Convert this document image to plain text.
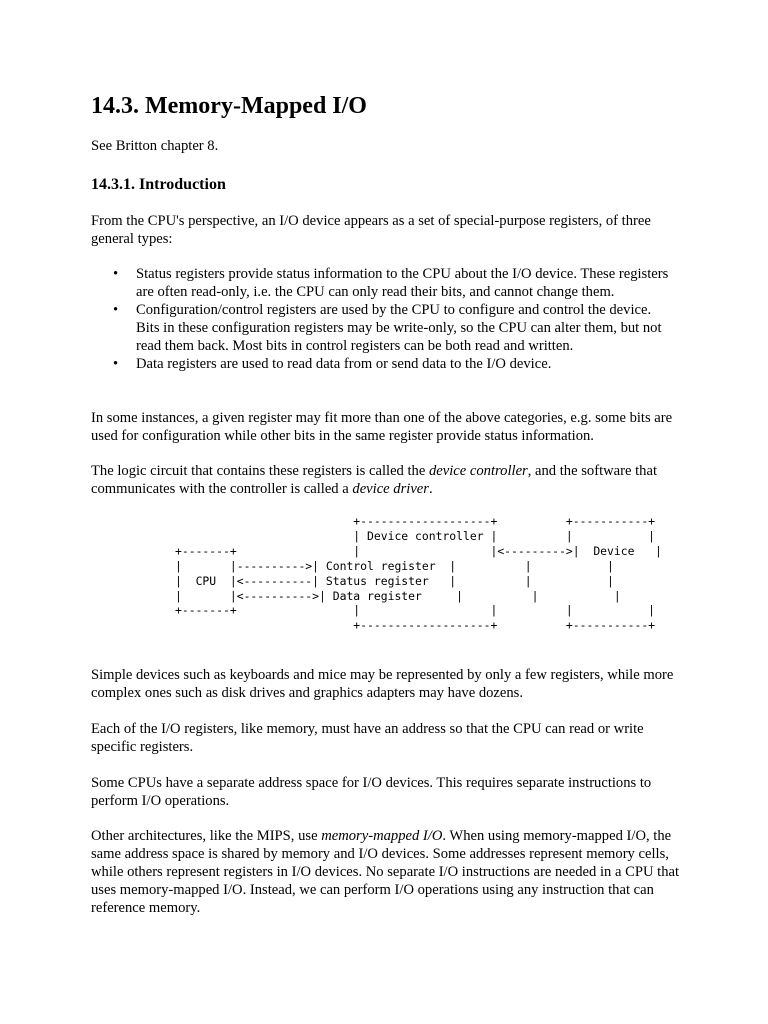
14.3. Memory-Mapped I/O

See Britton chapter 8.

14.3.1. Introduction

From the CPU's perspective, an I/O device appears as a set of special-purpose registers, of three general types:

• Status registers provide status information to the CPU about the I/O device. These registers are often read-only, i.e. the CPU can only read their bits, and cannot change them.
• Configuration/control registers are used by the CPU to configure and control the device. Bits in these configuration registers may be write-only, so the CPU can alter them, but not read them back. Most bits in control registers can be both read and written.
• Data registers are used to read data from or send data to the I/O device.

In some instances, a given register may fit more than one of the above categories, e.g. some bits are used for configuration while other bits in the same register provide status information.

The logic circuit that contains these registers is called the device controller, and the software that communicates with the controller is called a device driver.

+-------------------+          +-----------+
| Device controller |          |           |
+-------+                 |                   |<--------->|  Device   |
|       |---------->| Control register  |          |           |
|  CPU  |<----------| Status register   |          |           |
|       |<---------->| Data register     |          |           |
+-------+                 |                   |          |           |
+-------------------+          +-----------+

Simple devices such as keyboards and mice may be represented by only a few registers, while more complex ones such as disk drives and graphics adapters may have dozens.

Each of the I/O registers, like memory, must have an address so that the CPU can read or write specific registers.

Some CPUs have a separate address space for I/O devices. This requires separate instructions to perform I/O operations.

Other architectures, like the MIPS, use memory-mapped I/O. When using memory-mapped I/O, the same address space is shared by memory and I/O devices. Some addresses represent memory cells, while others represent registers in I/O devices. No separate I/O instructions are needed in a CPU that uses memory-mapped I/O. Instead, we can perform I/O operations using any instruction that can reference memory.
